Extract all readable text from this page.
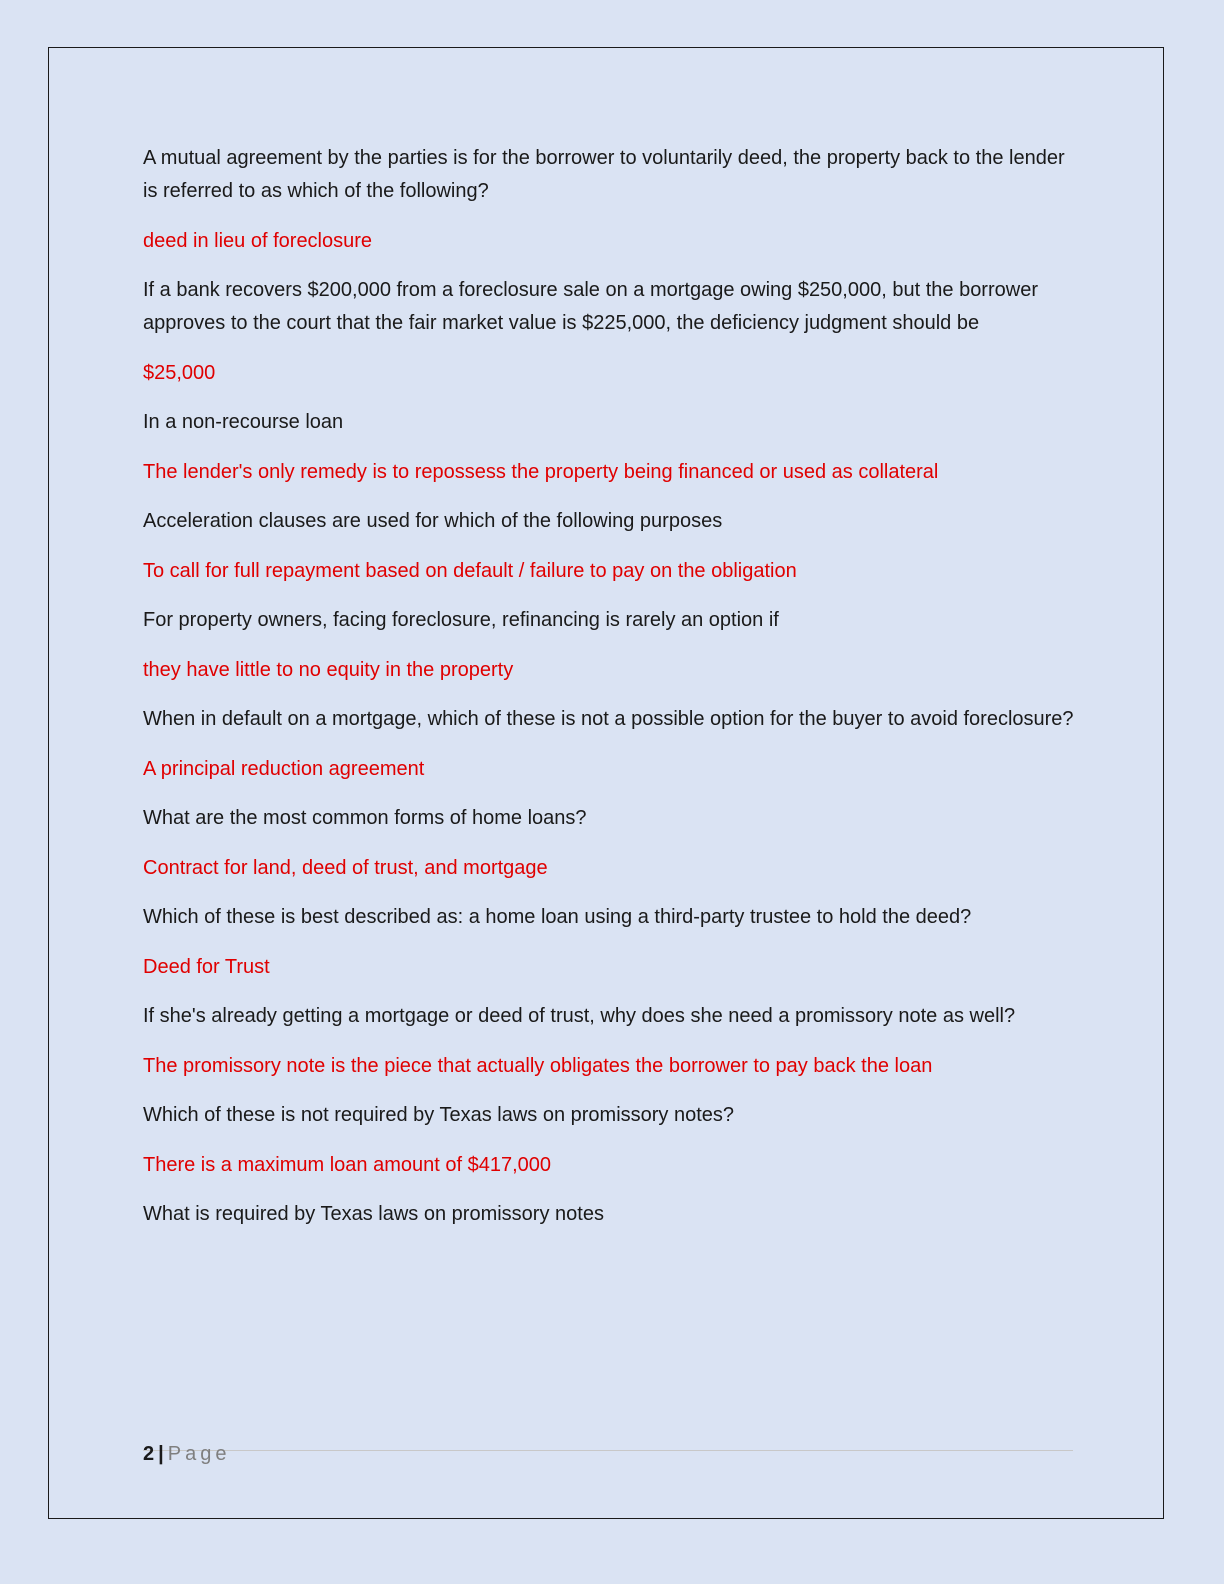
A mutual agreement by the parties is for the borrower to voluntarily deed, the property back to the lender is referred to as which of the following?

deed in lieu of foreclosure

If a bank recovers $200,000 from a foreclosure sale on a mortgage owing $250,000, but the borrower approves to the court that the fair market value is $225,000, the deficiency judgment should be

$25,000

In a non-recourse loan

The lender's only remedy is to repossess the property being financed or used as collateral

Acceleration clauses are used for which of the following purposes

To call for full repayment based on default / failure to pay on the obligation

For property owners, facing foreclosure, refinancing is rarely an option if

they have little to no equity in the property

When in default on a mortgage, which of these is not a possible option for the buyer to avoid foreclosure?

A principal reduction agreement

What are the most common forms of home loans?

Contract for land, deed of trust, and mortgage

Which of these is best described as: a home loan using a third-party trustee to hold the deed?

Deed for Trust

If she's already getting a mortgage or deed of trust, why does she need a promissory note as well?

The promissory note is the piece that actually obligates the borrower to pay back the loan

Which of these is not required by Texas laws on promissory notes?

There is a maximum loan amount of $417,000

What is required by Texas laws on promissory notes

2 | Page
